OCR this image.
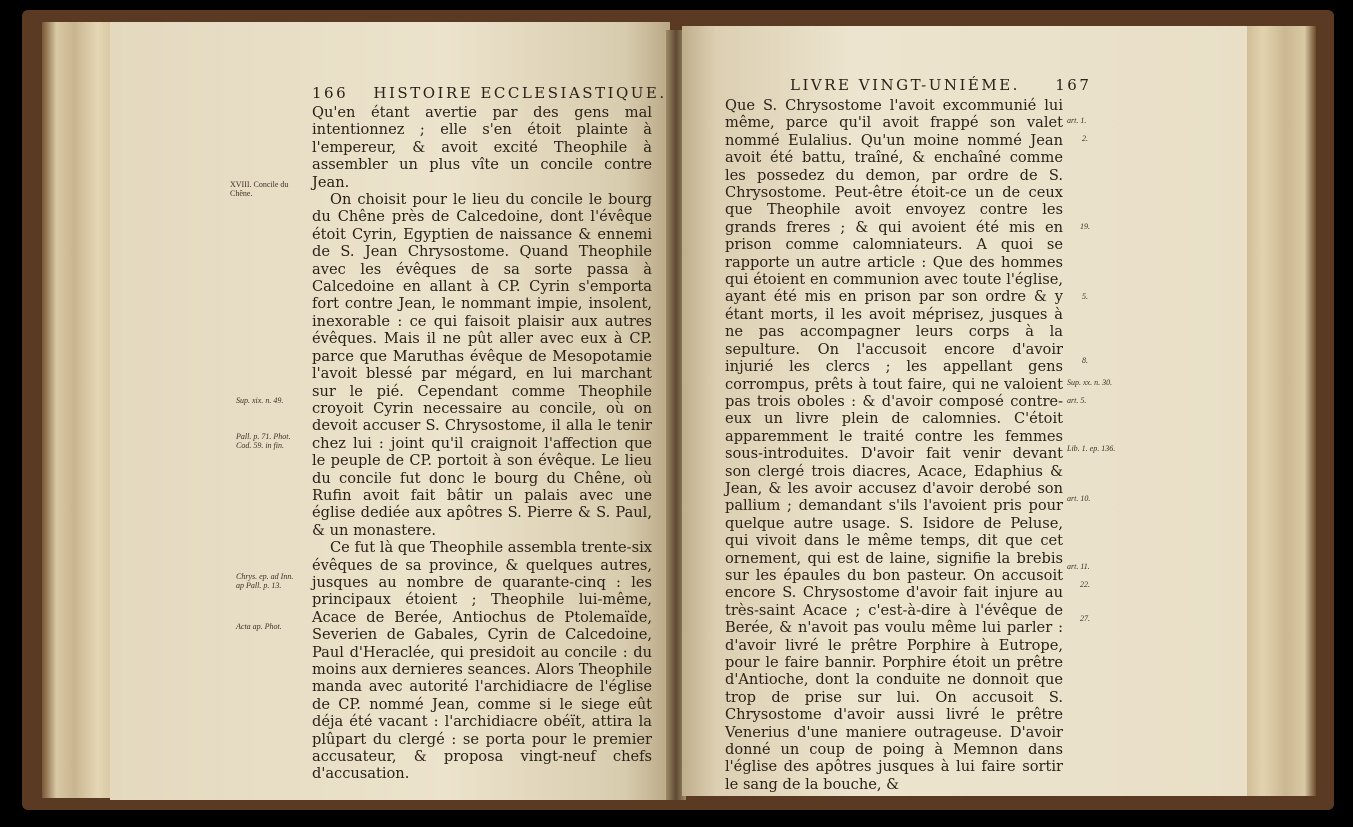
166 HISTOIRE ECCLESIASTIQUE.

Qu'en étant avertie par des gens mal intentionnez ; elle s'en étoit plainte à l'empereur, & avoit excité Theophile à assembler un plus vîte un concile contre Jean.

On choisit pour le lieu du concile le bourg du Chêne près de Calcedoine, dont l'évêque étoit Cyrin, Egyptien de naissance & ennemi de S. Jean Chrysostome. Quand Theophile avec les évêques de sa sorte passa à Calcedoine en allant à CP. Cyrin s'emporta fort contre Jean, le nommant impie, insolent, inexorable : ce qui faisoit plaisir aux autres évêques. Mais il ne pût aller avec eux à CP. parce que Maruthas évêque de Mesopotamie l'avoit blessé par mégard, en lui marchant sur le pié. Cependant comme Theophile croyoit Cyrin necessaire au concile, où on devoit accuser S. Chrysostome, il alla le tenir chez lui : joint qu'il craignoit l'affection que le peuple de CP. portoit à son évêque. Le lieu du concile fut donc le bourg du Chêne, où Rufin avoit fait bâtir un palais avec une église dediée aux apôtres S. Pierre & S. Paul, & un monastere.

Ce fut là que Theophile assembla trente-six évêques de sa province, & quelques autres, jusques au nombre de quarante-cinq : les principaux étoient ; Theophile lui-même, Acace de Berée, Antiochus de Ptolemaïde, Severien de Gabales, Cyrin de Calcedoine, Paul d'Heraclée, qui presidoit au concile : du moins aux dernieres seances. Alors Theophile manda avec autorité l'archidiacre de l'église de CP. nommé Jean, comme si le siege eût déja été vacant : l'archidiacre obéït, attira la plûpart du clergé : se porta pour le premier accusateur, & proposa vingt-neuf chefs d'accusation.

XVIII. Concile du Chêne.
Sup. xix. n. 49.
Pall. p. 71. Phot. Cod. 59. in fin.
Chrys. ep. ad Inn. ap Pall. p. 13.
Acta ap. Phot.
LIVRE VINGT-UNIÉME. 167

Que S. Chrysostome l'avoit excommunié lui même, parce qu'il avoit frappé son valet nommé Eulalius. Qu'un moine nommé Jean avoit été battu, traîné, & enchaîné comme les possedez du demon, par ordre de S. Chrysostome. Peut-être étoit-ce un de ceux que Theophile avoit envoyez contre les grands freres ; & qui avoient été mis en prison comme calomniateurs. A quoi se rapporte un autre article : Que des hommes qui étoient en communion avec toute l'église, ayant été mis en prison par son ordre & y étant morts, il les avoit méprisez, jusques à ne pas accompagner leurs corps à la sepulture. On l'accusoit encore d'avoir injurié les clercs ; les appellant gens corrompus, prêts à tout faire, qui ne valoient pas trois oboles : & d'avoir composé contre-eux un livre plein de calomnies. C'étoit apparemment le traité contre les femmes sous-introduites. D'avoir fait venir devant son clergé trois diacres, Acace, Edaphius & Jean, & les avoir accusez d'avoir derobé son pallium ; demandant s'ils l'avoient pris pour quelque autre usage. S. Isidore de Peluse, qui vivoit dans le même temps, dit que cet ornement, qui est de laine, signifie la brebis sur les épaules du bon pasteur. On accusoit encore S. Chrysostome d'avoir fait injure au très-saint Acace ; c'est-à-dire à l'évêque de Berée, & n'avoit pas voulu même lui parler : d'avoir livré le prêtre Porphire à Eutrope, pour le faire bannir. Porphire étoit un prêtre d'Antioche, dont la conduite ne donnoit que trop de prise sur lui. On accusoit S. Chrysostome d'avoir aussi livré le prêtre Venerius d'une maniere outrageuse. D'avoir donné un coup de poing à Memnon dans l'église des apôtres jusques à lui faire sortir le sang de la bouche, &

art. 1.
2.
19.
5.
8.
Sup. xx. n. 30.
art. 5.
Lib. 1. ep. 136.
art. 10.
art. 11.
22.
27.
